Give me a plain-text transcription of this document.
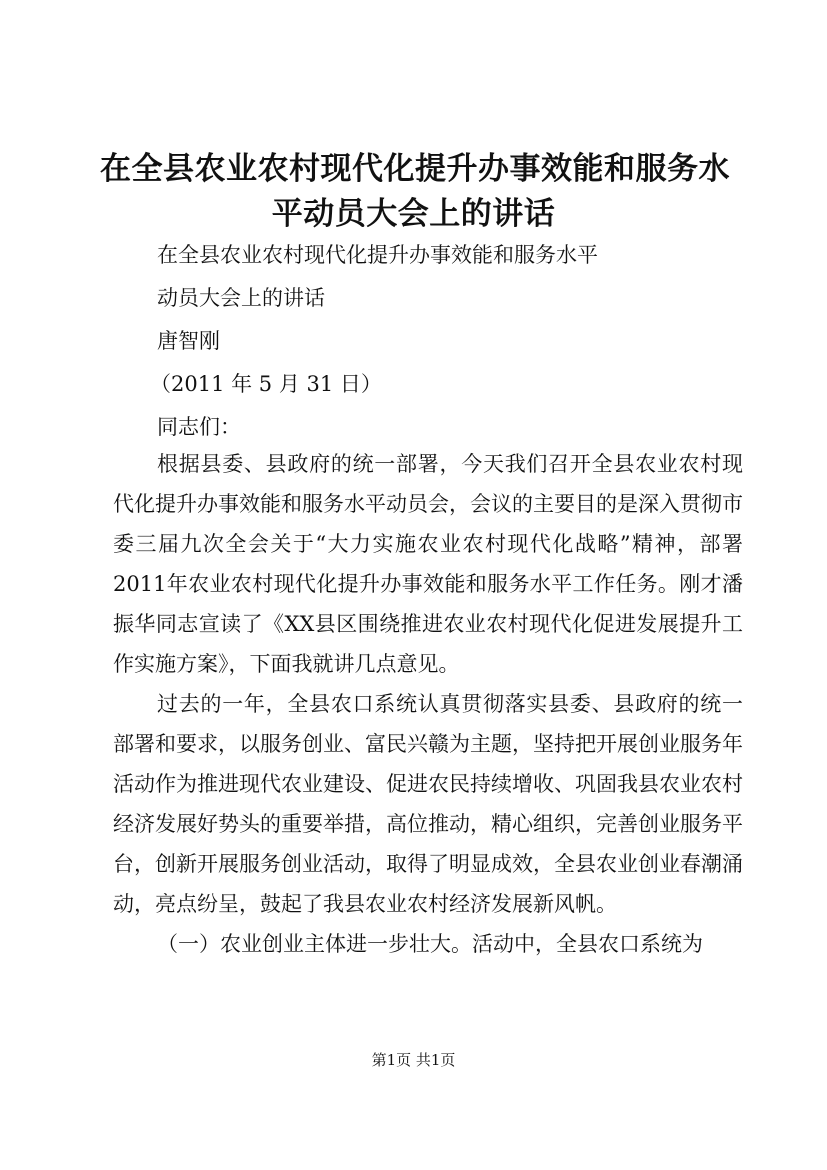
在全县农业农村现代化提升办事效能和服务水
平动员大会上的讲话
在全县农业农村现代化提升办事效能和服务水平
动员大会上的讲话
唐智刚
（2011 年 5 月 31 日）
同志们：

根据县委、县政府的统一部署，今天我们召开全县农业农村现代化提升办事效能和服务水平动员会，会议的主要目的是深入贯彻市委三届九次全会关于“大力实施农业农村现代化战略”精神，部署2011年农业农村现代化提升办事效能和服务水平工作任务。刚才潘振华同志宣读了《XX县区围绕推进农业农村现代化促进发展提升工作实施方案》，下面我就讲几点意见。

过去的一年，全县农口系统认真贯彻落实县委、县政府的统一部署和要求，以服务创业、富民兴赣为主题，坚持把开展创业服务年活动作为推进现代农业建设、促进农民持续增收、巩固我县农业农村经济发展好势头的重要举措，高位推动，精心组织，完善创业服务平台，创新开展服务创业活动，取得了明显成效，全县农业创业春潮涌动，亮点纷呈，鼓起了我县农业农村经济发展新风帆。

（一）农业创业主体进一步壮大。活动中，全县农口系统为

第1页 共1页
